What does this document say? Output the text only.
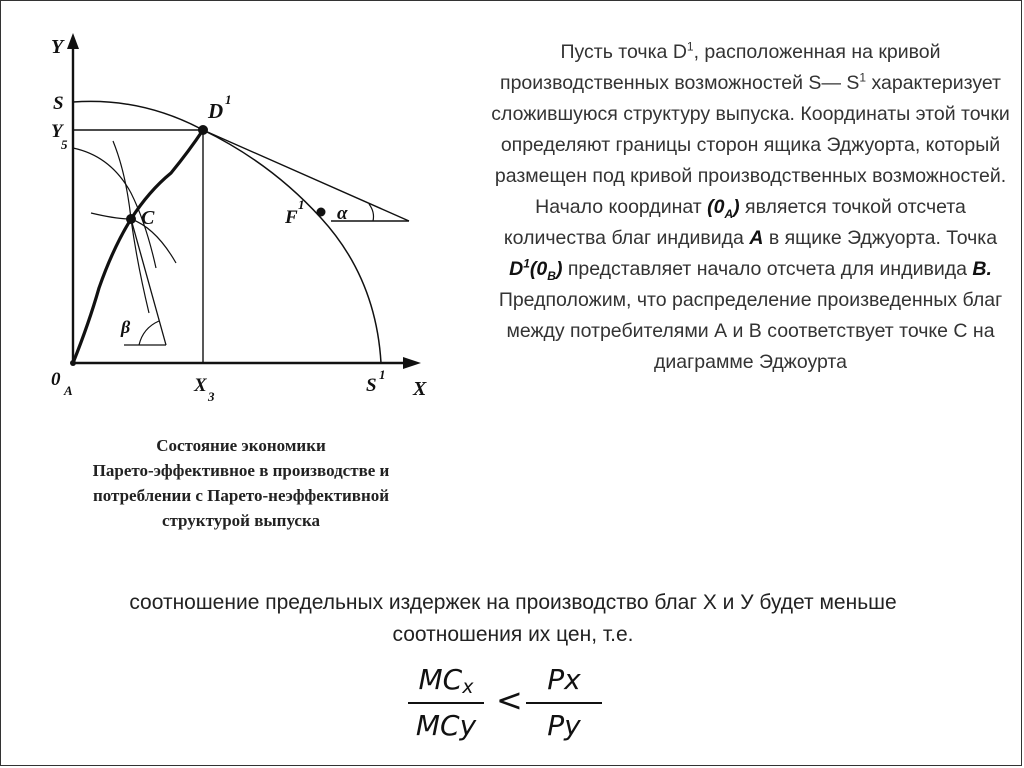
Y
X
S
Y
5
D 1
C	F
1 α
β
0
A	X
3
S
1
Состояние экономики
Парето-эффективное в производстве и
потреблении с Парето-неэффективной
структурой выпуска
Пусть точка $D^1$, расположенная на кривой производственных возможностей S— $S^1$ характеризует сложившуюся структуру выпуска. Координаты этой точки определяют границы сторон ящика Эджуорта, который размещен под кривой производственных возможностей. Начало координат $(0_A)$ является точкой отсчета количества благ индивида A в ящике Эджуорта. Точка $D^1(0_B)$ представляет начало отсчета для индивида B. Предположим, что распределение произведенных благ между потребителями А и В соответствует точке С на диаграмме Эджоурта
соотношение предельных издержек на производство благ Х и У будет меньше
соотношения их цен, т.е.
MCx
MCy
<
Px
Py
